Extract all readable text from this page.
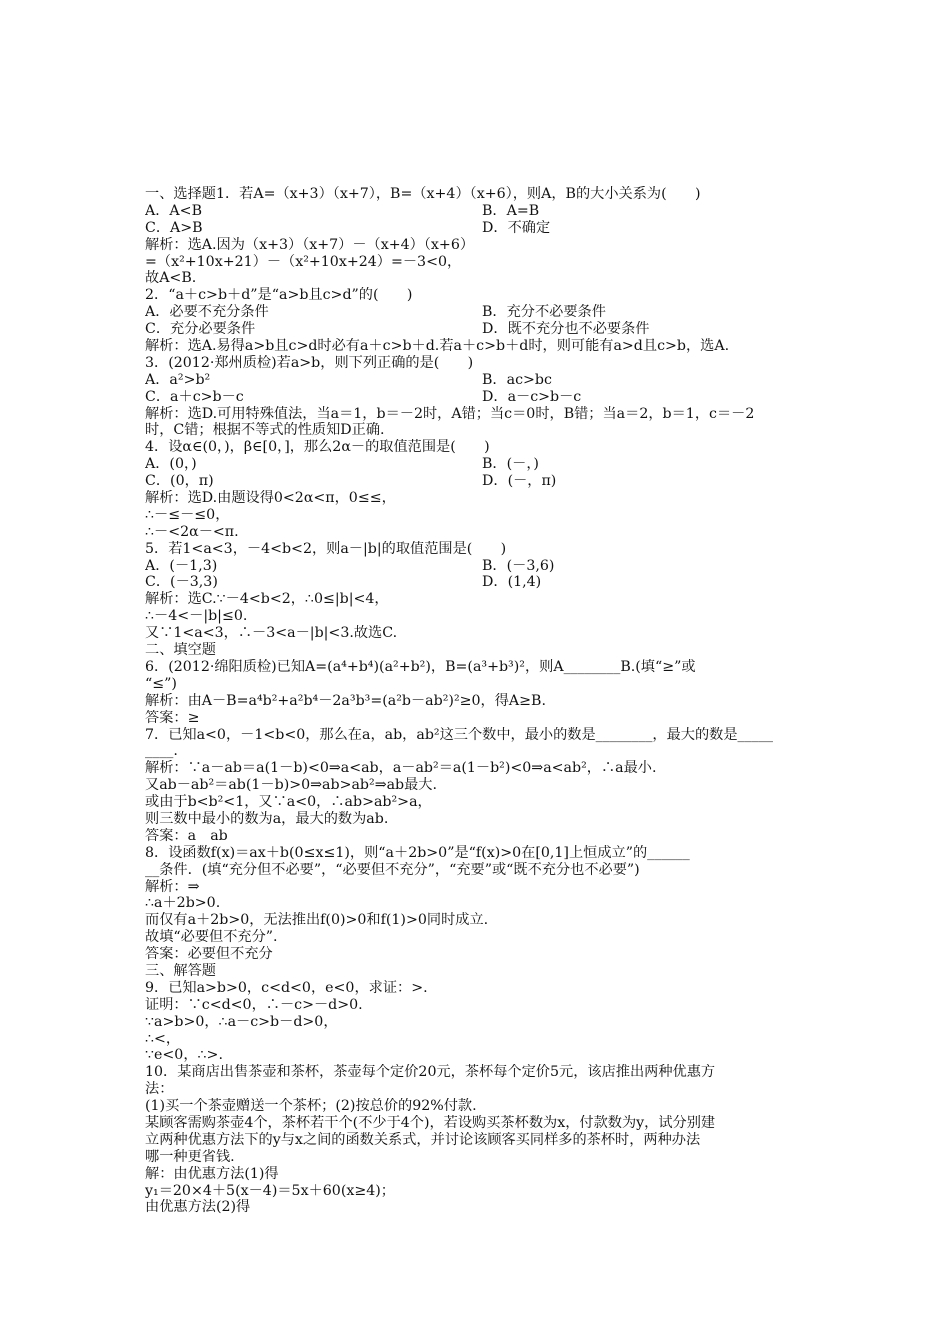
一、选择题1．若A=（x+3）（x+7），B=（x+4）（x+6），则A，B的大小关系为(　　)
A．A<B	B．A=B
C．A>B	D．不确定
解析：选A.因为（x+3）（x+7）－（x+4）（x+6）
=（x²+10x+21）－（x²+10x+24）=－3<0，
故A<B.
2．“a＋c>b＋d”是“a>b且c>d”的(　　)
A．必要不充分条件	B．充分不必要条件
C．充分必要条件	D．既不充分也不必要条件
解析：选A.易得a>b且c>d时必有a＋c>b＋d.若a＋c>b＋d时，则可能有a>d且c>b，选A.
3．(2012·郑州质检)若a>b，则下列正确的是(　　)
A．a²>b²	B．ac>bc
C．a＋c>b－c	D．a－c>b－c
解析：选D.可用特殊值法，当a＝1，b＝－2时，A错；当c＝0时，B错；当a＝2，b＝1，c＝－2
时，C错；根据不等式的性质知D正确.
4．设α∈(0，)，β∈[0，]，那么2α－的取值范围是(　　)
A．(0，)	B．(－，)
C．(0，π)	D．(－，π)
解析：选D.由题设得0<2α<π，0≤≤，
∴－≤－≤0，
∴－<2α－<π.
5．若1<a<3，－4<b<2，则a－|b|的取值范围是(　　)
A．(－1,3)	B．(－3,6)
C．(－3,3)	D．(1,4)
解析：选C.∵－4<b<2，∴0≤|b|<4，
∴－4<－|b|≤0.
又∵1<a<3，∴－3<a－|b|<3.故选C.
二、填空题
6．(2012·绵阳质检)已知A=(a⁴+b⁴)(a²+b²)，B=(a³+b³)²，则A________B.(填“≥”或
“≤”)
解析：由A－B=a⁴b²+a²b⁴－2a³b³=(a²b－ab²)²≥0，得A≥B.
答案：≥
7．已知a<0，－1<b<0，那么在a，ab，ab²这三个数中，最小的数是________，最大的数是_____
____.
解析：∵a－ab＝a(1－b)<0⇒a<ab，a－ab²＝a(1－b²)<0⇒a<ab²，∴a最小.
又ab－ab²＝ab(1－b)>0⇒ab>ab²⇒ab最大.
或由于b<b²<1，又∵a<0，∴ab>ab²>a，
则三数中最小的数为a，最大的数为ab.
答案：a　ab
8．设函数f(x)＝ax＋b(0≤x≤1)，则“a＋2b>0”是“f(x)>0在[0,1]上恒成立”的______
__条件．(填“充分但不必要”，“必要但不充分”，“充要”或“既不充分也不必要”)
解析：⇒
∴a＋2b>0.
而仅有a＋2b>0，无法推出f(0)>0和f(1)>0同时成立.
故填“必要但不充分”.
答案：必要但不充分
三、解答题
9．已知a>b>0，c<d<0，e<0，求证：>.
证明：∵c<d<0，∴－c>－d>0.
∵a>b>0，∴a－c>b－d>0，
∴<，
∵e<0，∴>.
10．某商店出售茶壶和茶杯，茶壶每个定价20元，茶杯每个定价5元，该店推出两种优惠方
法：
(1)买一个茶壶赠送一个茶杯；(2)按总价的92%付款.
某顾客需购茶壶4个，茶杯若干个(不少于4个)，若设购买茶杯数为x，付款数为y，试分别建
立两种优惠方法下的y与x之间的函数关系式，并讨论该顾客买同样多的茶杯时，两种办法
哪一种更省钱.
解：由优惠方法(1)得
y₁＝20×4＋5(x－4)＝5x＋60(x≥4)；
由优惠方法(2)得
